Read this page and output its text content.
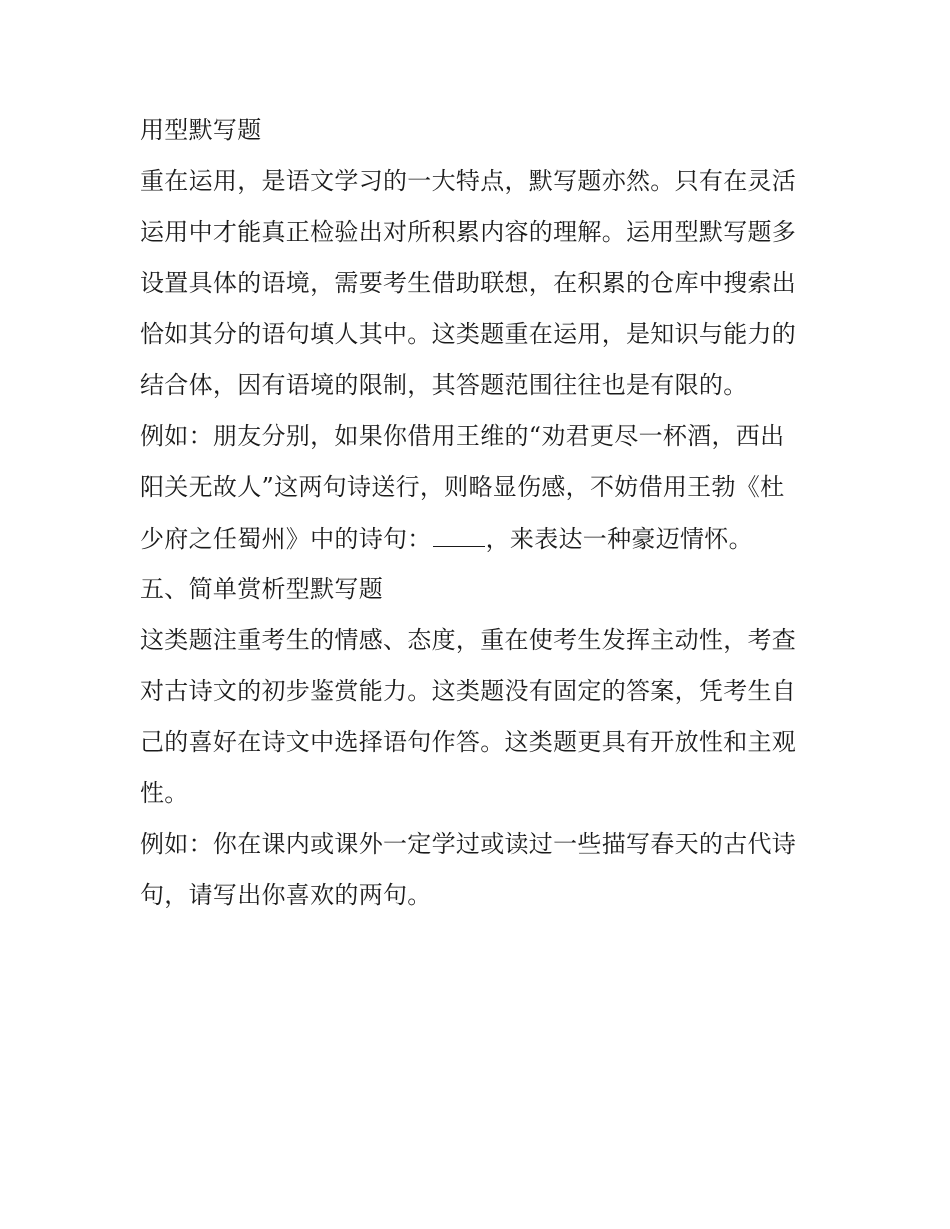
用型默写题
重在运用，是语文学习的一大特点，默写题亦然。只有在灵活
运用中才能真正检验出对所积累内容的理解。运用型默写题多
设置具体的语境，需要考生借助联想，在积累的仓库中搜索出
恰如其分的语句填人其中。这类题重在运用，是知识与能力的
结合体，因有语境的限制，其答题范围往往也是有限的。
例如：朋友分别，如果你借用王维的“劝君更尽一杯酒，西出
阳关无故人”这两句诗送行，则略显伤感，不妨借用王勃《杜
少府之任蜀州》中的诗句： ，来表达一种豪迈情怀。
五、简单赏析型默写题
这类题注重考生的情感、态度，重在使考生发挥主动性，考查
对古诗文的初步鉴赏能力。这类题没有固定的答案，凭考生自
己的喜好在诗文中选择语句作答。这类题更具有开放性和主观
性。
例如：你在课内或课外一定学过或读过一些描写春天的古代诗
句，请写出你喜欢的两句。
